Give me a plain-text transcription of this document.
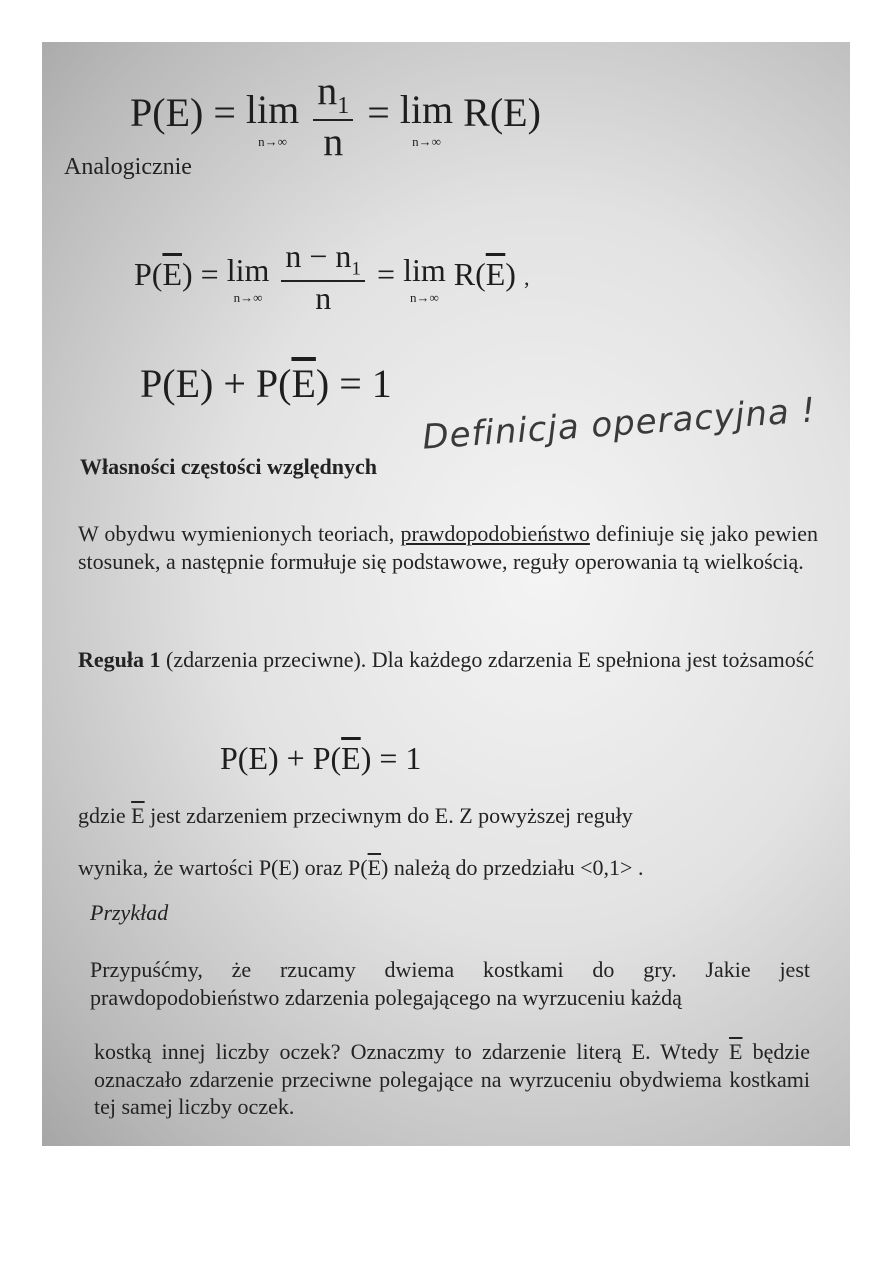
P(E) = lim
n→∞
$\frac{n_1}{n} = \lim$
n→∞
R(E)
Analogicznie
$P(\overline{E}) = \lim$
n→∞
$\frac{n - n_1}{n} = \lim$
n→∞
$R(\overline{E})$ ,
$P(E) + P(\overline{E}) = 1$
Definicja operacyjna !
Własności częstości względnych
W obydwu wymienionych teoriach, prawdopodobieństwo definiuje się jako pewien stosunek, a następnie formułuje się podstawowe, reguły operowania tą wielkością.
Reguła 1 (zdarzenia przeciwne). Dla każdego zdarzenia E spełniona jest tożsamość
$P(E) + P(\overline{E}) = 1$
gdzie $\overline{E}$ jest zdarzeniem przeciwnym do E. Z powyższej reguły
wynika, że wartości P(E) oraz $P(\overline{E})$ należą do przedziału <0,1> .
Przykład
Przypuśćmy, że rzucamy dwiema kostkami do gry. Jakie jest prawdopodobieństwo zdarzenia polegającego na wyrzuceniu każdą
kostką innej liczby oczek? Oznaczmy to zdarzenie literą E. Wtedy $\overline{E}$ będzie oznaczało zdarzenie przeciwne polegające na wyrzuceniu obydwiema kostkami tej samej liczby oczek.
